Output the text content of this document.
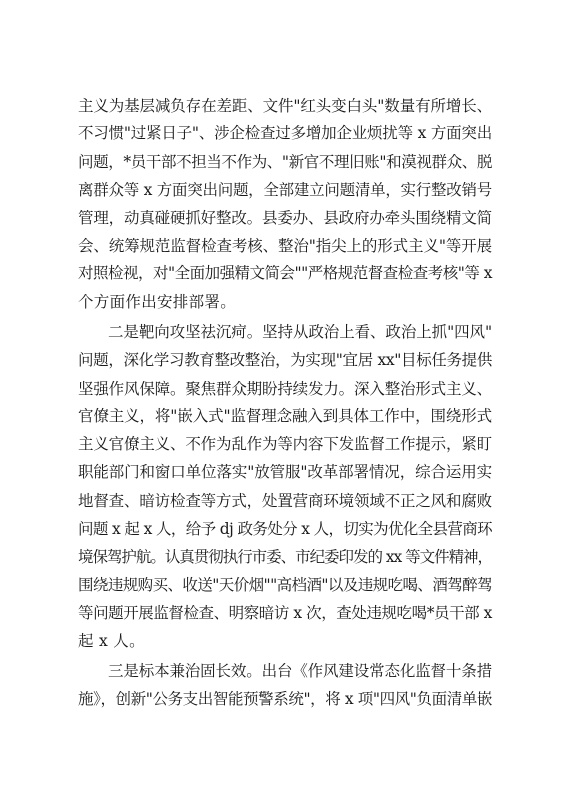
主义为基层减负存在差距、文件"红头变白头"数量有所增长、
不习惯"过紧日子"、涉企检查过多增加企业烦扰等 x 方面突出
问题，*员干部不担当不作为、"新官不理旧账"和漠视群众、脱
离群众等 x 方面突出问题，全部建立问题清单，实行整改销号
管理，动真碰硬抓好整改。县委办、县政府办牵头围绕精文简
会、统筹规范监督检查考核、整治"指尖上的形式主义"等开展
对照检视，对"全面加强精文简会""严格规范督查检查考核"等 x
个方面作出安排部署。
二是靶向攻坚祛沉疴。坚持从政治上看、政治上抓"四风"
问题，深化学习教育整改整治，为实现"宜居 xx"目标任务提供
坚强作风保障。聚焦群众期盼持续发力。深入整治形式主义、
官僚主义，将"嵌入式"监督理念融入到具体工作中，围绕形式
主义官僚主义、不作为乱作为等内容下发监督工作提示，紧盯
职能部门和窗口单位落实"放管服"改革部署情况，综合运用实
地督查、暗访检查等方式，处置营商环境领域不正之风和腐败
问题 x 起 x 人，给予 dj 政务处分 x 人，切实为优化全县营商环
境保驾护航。认真贯彻执行市委、市纪委印发的 xx 等文件精神，
围绕违规购买、收送"天价烟""高档酒"以及违规吃喝、酒驾醉驾
等问题开展监督检查、明察暗访 x 次，查处违规吃喝*员干部 x
起 x 人。
三是标本兼治固长效。出台《作风建设常态化监督十条措
施》，创新"公务支出智能预警系统"，将 x 项"四风"负面清单嵌
